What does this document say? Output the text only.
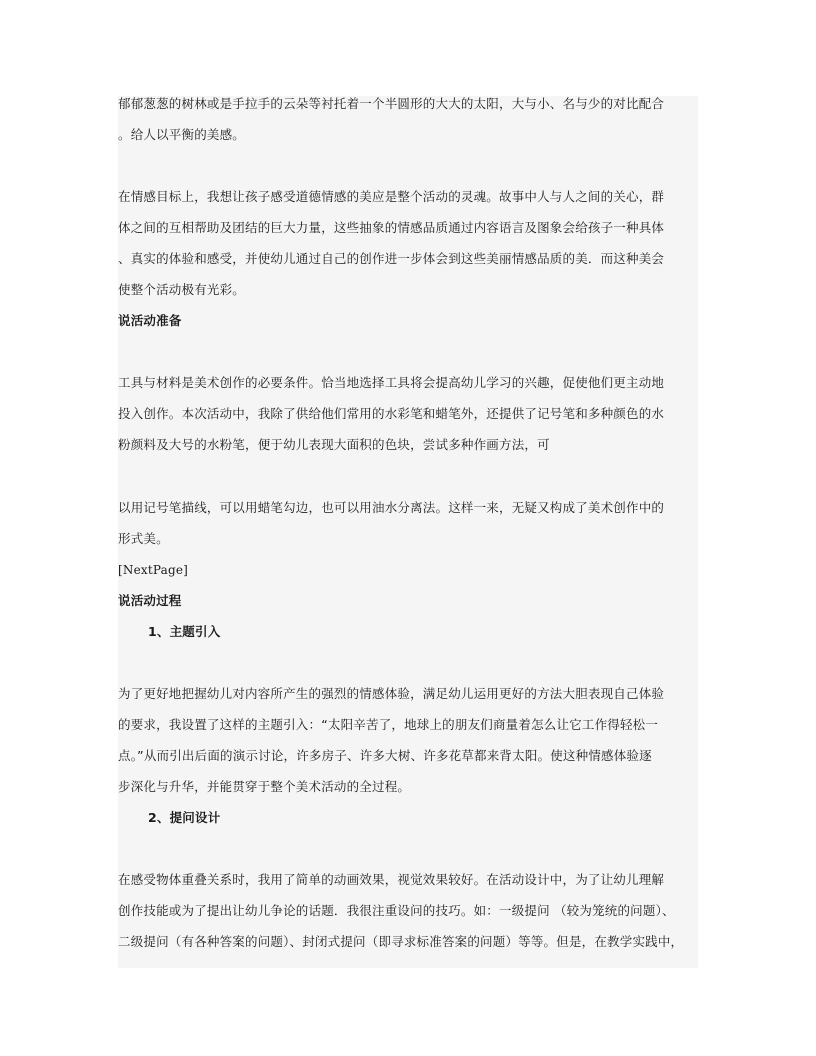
郁郁葱葱的树林或是手拉手的云朵等衬托着一个半圆形的大大的太阳，大与小、名与少的对比配合
。给人以平衡的美感。
在情感目标上，我想让孩子感受道德情感的美应是整个活动的灵魂。故事中人与人之间的关心，群
体之间的互相帮助及团结的巨大力量，这些抽象的情感品质通过内容语言及图象会给孩子一种具体
、真实的体验和感受，并使幼儿通过自己的创作进一步体会到这些美丽情感品质的美．而这种美会
使整个活动极有光彩。
说活动准备
工具与材料是美术创作的必要条件。恰当地选择工具将会提高幼儿学习的兴趣，促使他们更主动地
投入创作。本次活动中，我除了供给他们常用的水彩笔和蜡笔外，还提供了记号笔和多种颜色的水
粉颜料及大号的水粉笔，便于幼儿表现大面积的色块，尝试多种作画方法，可
以用记号笔描线，可以用蜡笔勾边，也可以用油水分离法。这样一来，无疑又构成了美术创作中的
形式美。
[NextPage]
说活动过程
1、主题引入
为了更好地把握幼儿对内容所产生的强烈的情感体验，满足幼儿运用更好的方法大胆表现自己体验
的要求，我设置了这样的主题引入：“太阳辛苦了，地球上的朋友们商量着怎么让它工作得轻松一
点。”从而引出后面的演示讨论，许多房子、许多大树、许多花草都来背太阳。使这种情感体验逐
步深化与升华，并能贯穿于整个美术活动的全过程。
2、提问设计
在感受物体重叠关系时，我用了简单的动画效果，视觉效果较好。在活动设计中，为了让幼儿理解
创作技能或为了提出让幼儿争论的话题．我很注重设问的技巧。如：一级提问 （较为笼统的问题）、
二级提问（有各种答案的问题）、封闭式提问（即寻求标准答案的问题）等等。但是，在教学实践中，
